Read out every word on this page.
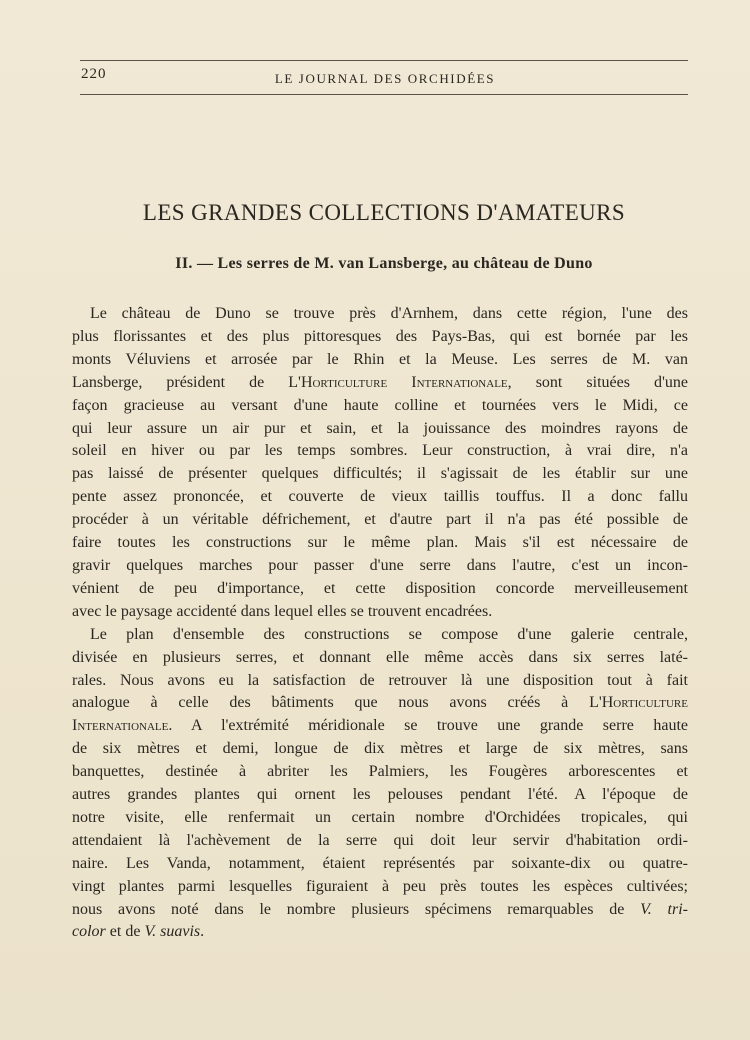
220	LE JOURNAL DES ORCHIDÉES
LES GRANDES COLLECTIONS D'AMATEURS
II. — Les serres de M. van Lansberge, au château de Duno
Le château de Duno se trouve près d'Arnhem, dans cette région, l'une des
plus florissantes et des plus pittoresques des Pays-Bas, qui est bornée par les
monts Véluviens et arrosée par le Rhin et la Meuse. Les serres de M. van
Lansberge, président de L'Horticulture Internationale, sont situées d'une
façon gracieuse au versant d'une haute colline et tournées vers le Midi, ce
qui leur assure un air pur et sain, et la jouissance des moindres rayons de
soleil en hiver ou par les temps sombres. Leur construction, à vrai dire, n'a
pas laissé de présenter quelques difficultés; il s'agissait de les établir sur une
pente assez prononcée, et couverte de vieux taillis touffus. Il a donc fallu
procéder à un véritable défrichement, et d'autre part il n'a pas été possible de
faire toutes les constructions sur le même plan. Mais s'il est nécessaire de
gravir quelques marches pour passer d'une serre dans l'autre, c'est un incon-
vénient de peu d'importance, et cette disposition concorde merveilleusement
avec le paysage accidenté dans lequel elles se trouvent encadrées.
Le plan d'ensemble des constructions se compose d'une galerie centrale,
divisée en plusieurs serres, et donnant elle même accès dans six serres laté-
rales. Nous avons eu la satisfaction de retrouver là une disposition tout à fait
analogue à celle des bâtiments que nous avons créés à L'Horticulture
Internationale. A l'extrémité méridionale se trouve une grande serre haute
de six mètres et demi, longue de dix mètres et large de six mètres, sans
banquettes, destinée à abriter les Palmiers, les Fougères arborescentes et
autres grandes plantes qui ornent les pelouses pendant l'été. A l'époque de
notre visite, elle renfermait un certain nombre d'Orchidées tropicales, qui
attendaient là l'achèvement de la serre qui doit leur servir d'habitation ordi-
naire. Les Vanda, notamment, étaient représentés par soixante-dix ou quatre-
vingt plantes parmi lesquelles figuraient à peu près toutes les espèces cultivées;
nous avons noté dans le nombre plusieurs spécimens remarquables de V. tri-
color et de V. suavis.
